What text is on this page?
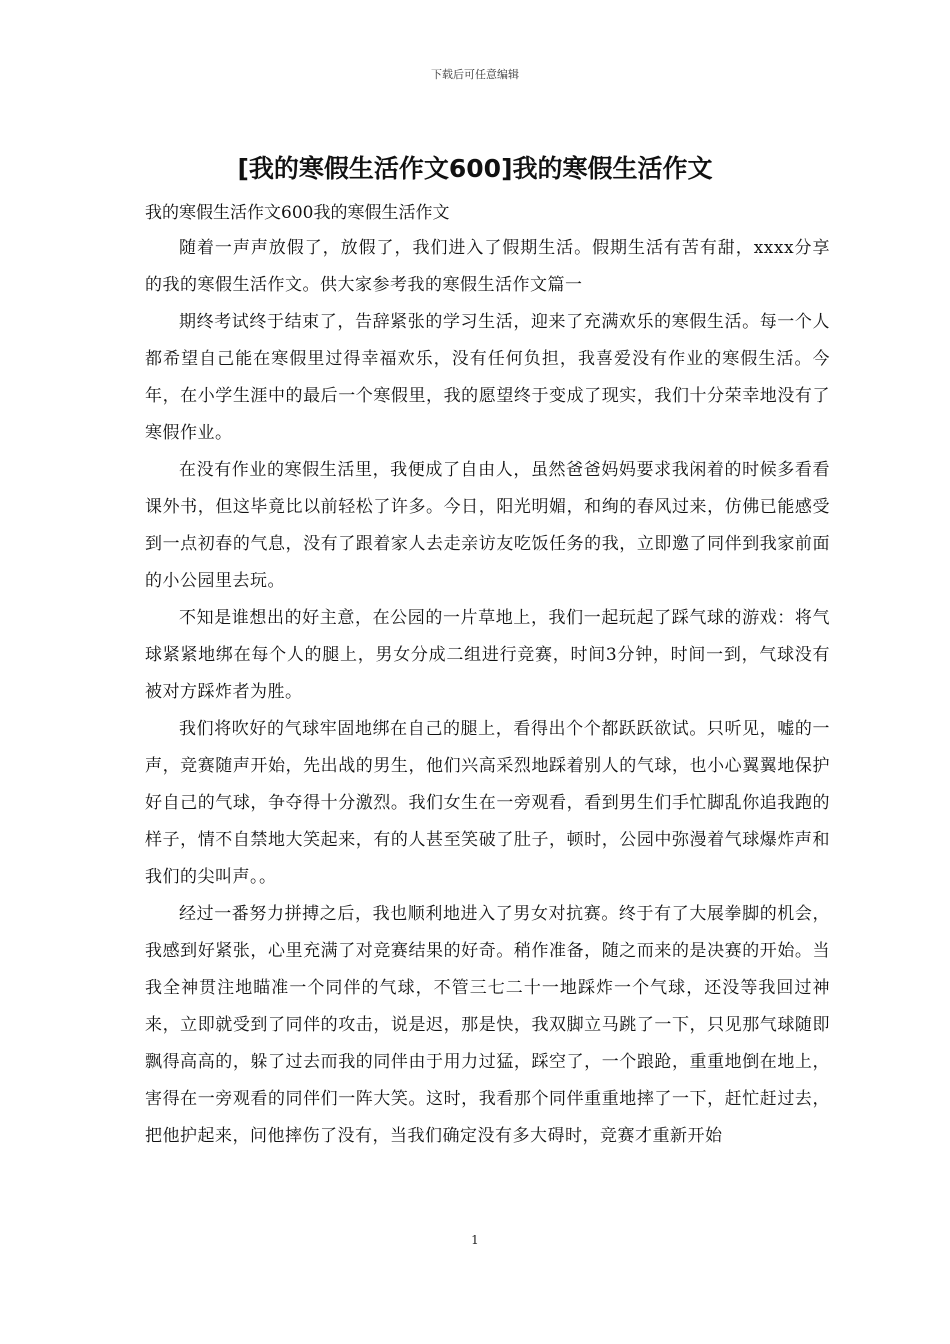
下载后可任意编辑
[我的寒假生活作文600]我的寒假生活作文

我的寒假生活作文600我的寒假生活作文

随着一声声放假了，放假了，我们进入了假期生活。假期生活有苦有甜，xxxx分享的我的寒假生活作文。供大家参考我的寒假生活作文篇一

期终考试终于结束了，告辞紧张的学习生活，迎来了充满欢乐的寒假生活。每一个人都希望自己能在寒假里过得幸福欢乐，没有任何负担，我喜爱没有作业的寒假生活。今年，在小学生涯中的最后一个寒假里，我的愿望终于变成了现实，我们十分荣幸地没有了寒假作业。

在没有作业的寒假生活里，我便成了自由人，虽然爸爸妈妈要求我闲着的时候多看看课外书，但这毕竟比以前轻松了许多。今日，阳光明媚，和绚的春风过来，仿佛已能感受到一点初春的气息，没有了跟着家人去走亲访友吃饭任务的我，立即邀了同伴到我家前面的小公园里去玩。

不知是谁想出的好主意，在公园的一片草地上，我们一起玩起了踩气球的游戏：将气球紧紧地绑在每个人的腿上，男女分成二组进行竞赛，时间3分钟，时间一到，气球没有被对方踩炸者为胜。

我们将吹好的气球牢固地绑在自己的腿上，看得出个个都跃跃欲试。只听见，嘘的一声，竞赛随声开始，先出战的男生，他们兴高采烈地踩着别人的气球，也小心翼翼地保护好自己的气球，争夺得十分激烈。我们女生在一旁观看，看到男生们手忙脚乱你追我跑的样子，情不自禁地大笑起来，有的人甚至笑破了肚子，顿时，公园中弥漫着气球爆炸声和我们的尖叫声。。

经过一番努力拼搏之后，我也顺利地进入了男女对抗赛。终于有了大展拳脚的机会，我感到好紧张，心里充满了对竞赛结果的好奇。稍作准备，随之而来的是决赛的开始。当我全神贯注地瞄准一个同伴的气球，不管三七二十一地踩炸一个气球，还没等我回过神来，立即就受到了同伴的攻击，说是迟，那是快，我双脚立马跳了一下，只见那气球随即飘得高高的，躲了过去而我的同伴由于用力过猛，踩空了，一个踉跄，重重地倒在地上，害得在一旁观看的同伴们一阵大笑。这时，我看那个同伴重重地摔了一下，赶忙赶过去，把他护起来，问他摔伤了没有，当我们确定没有多大碍时，竞赛才重新开始

1
